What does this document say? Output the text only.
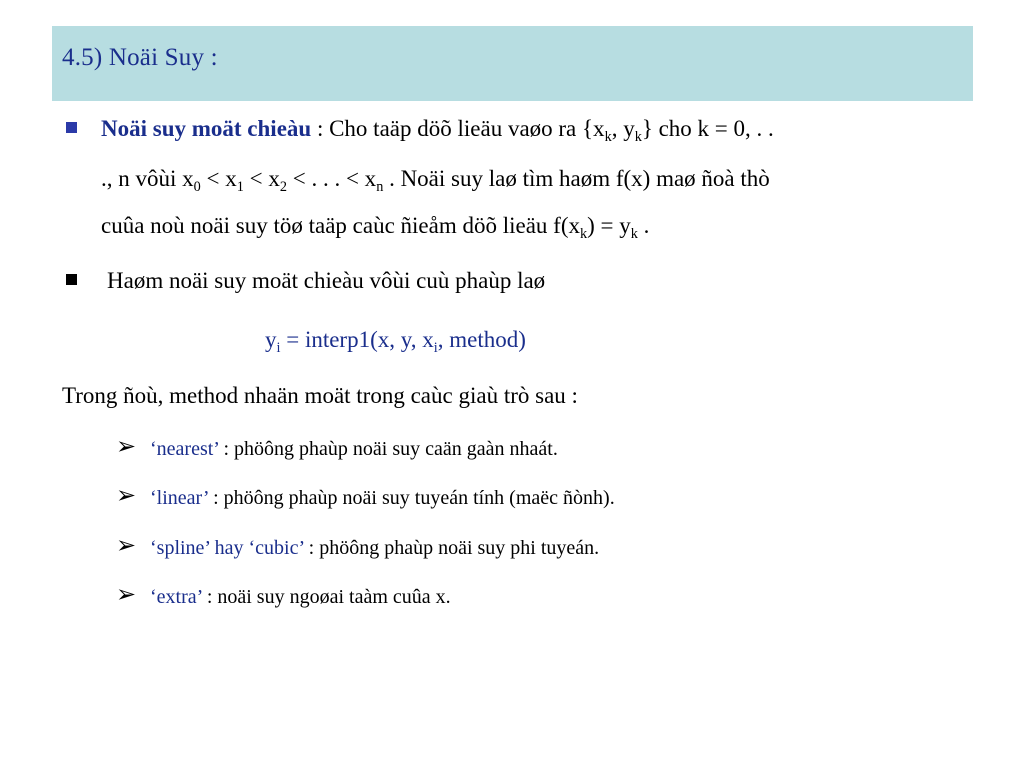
4.5) Noäi Suy :
Noäi suy moät chieàu : Cho taäp döõ lieäu vaøo ra {$x_k$, $y_k$} cho k = 0, . .
., n vôùi $x_0 < x_1 < x_2$ < . . . < $x_n$ . Noäi suy laø tìm haøm f(x) maø ñoà thò
cuûa noù noäi suy töø taäp caùc ñieåm döõ lieäu $f(x_k) = y_k$ .
Haøm noäi suy moät chieàu vôùi cuù phaùp laø
$y_i$ = interp1(x, y, $x_i$, method)
Trong ñoù, method nhaän moät trong caùc giaù trò sau :
➢ ‘nearest’ : phöông phaùp noäi suy caän gaàn nhaát.
➢ ‘linear’ : phöông phaùp noäi suy tuyeán tính (maëc ñònh).
➢ ‘spline’ hay ‘cubic’ : phöông phaùp noäi suy phi tuyeán.
➢ ‘extra’ : noäi suy ngoøai taàm cuûa x.
